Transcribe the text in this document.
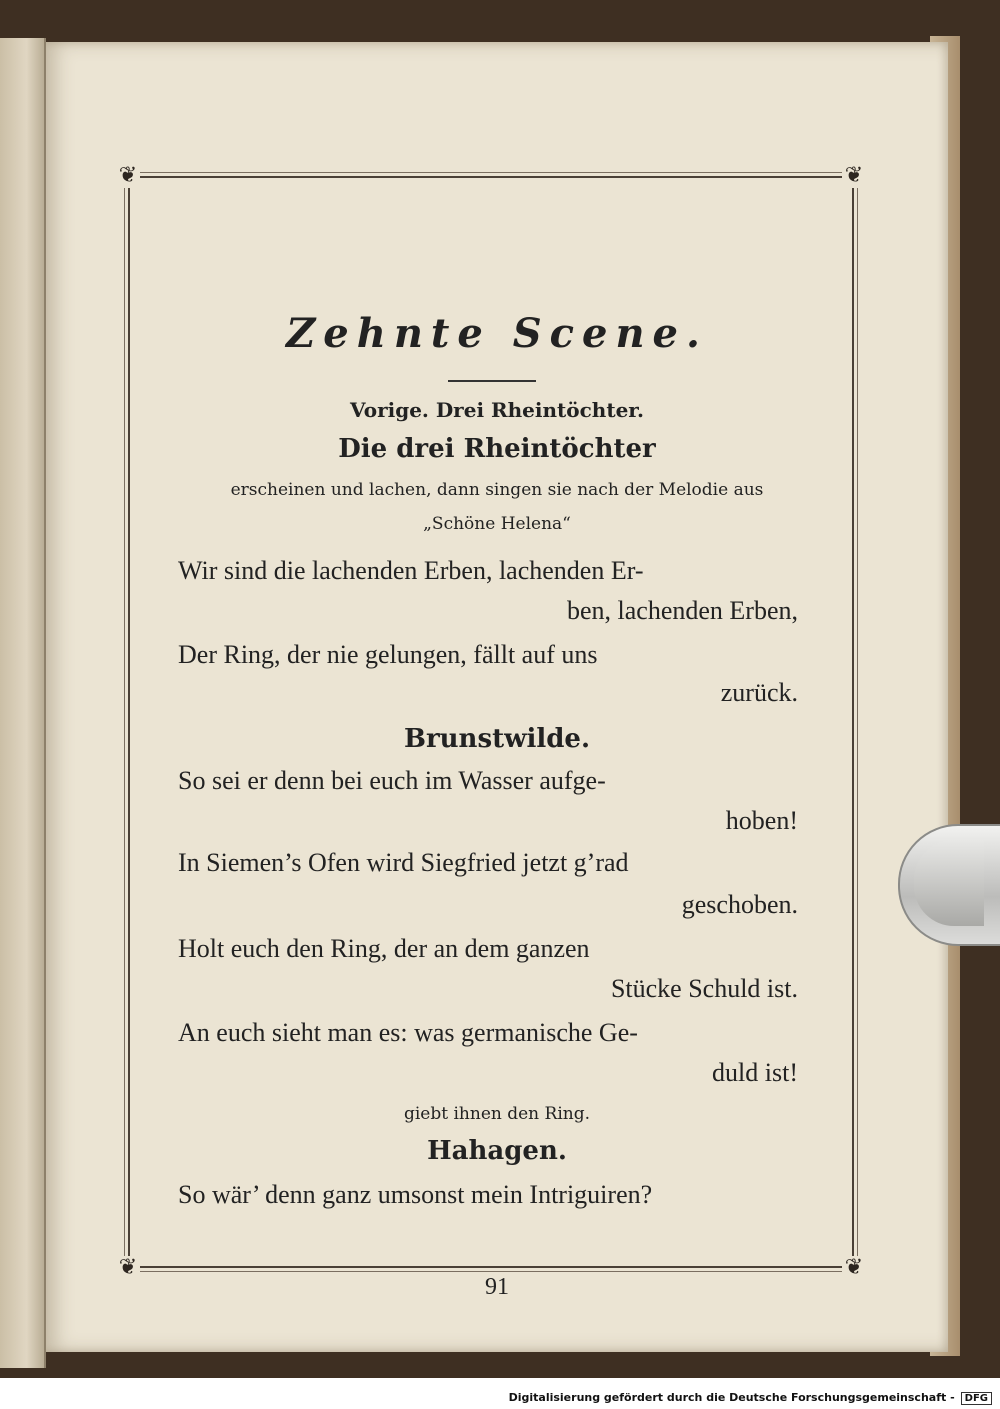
❦	❦
❦	❦
Zehnte Scene.
Vorige. Drei Rheintöchter.
Die drei Rheintöchter
erscheinen und lachen, dann singen sie nach der Melodie aus
„Schöne Helena“
Wir sind die lachenden Erben, lachenden Er-
ben, lachenden Erben,
Der Ring, der nie gelungen, fällt auf uns
zurück.
Brunstwilde.
So sei er denn bei euch im Wasser aufge-
hoben!
In Siemen’s Ofen wird Siegfried jetzt g’rad
geschoben.
Holt euch den Ring, der an dem ganzen
Stücke Schuld ist.
An euch sieht man es: was germanische Ge-
duld ist!
giebt ihnen den Ring.
Hahagen.
So wär’ denn ganz umsonst mein Intriguiren?
91
Digitalisierung gefördert durch die Deutsche Forschungsgemeinschaft - DFG
